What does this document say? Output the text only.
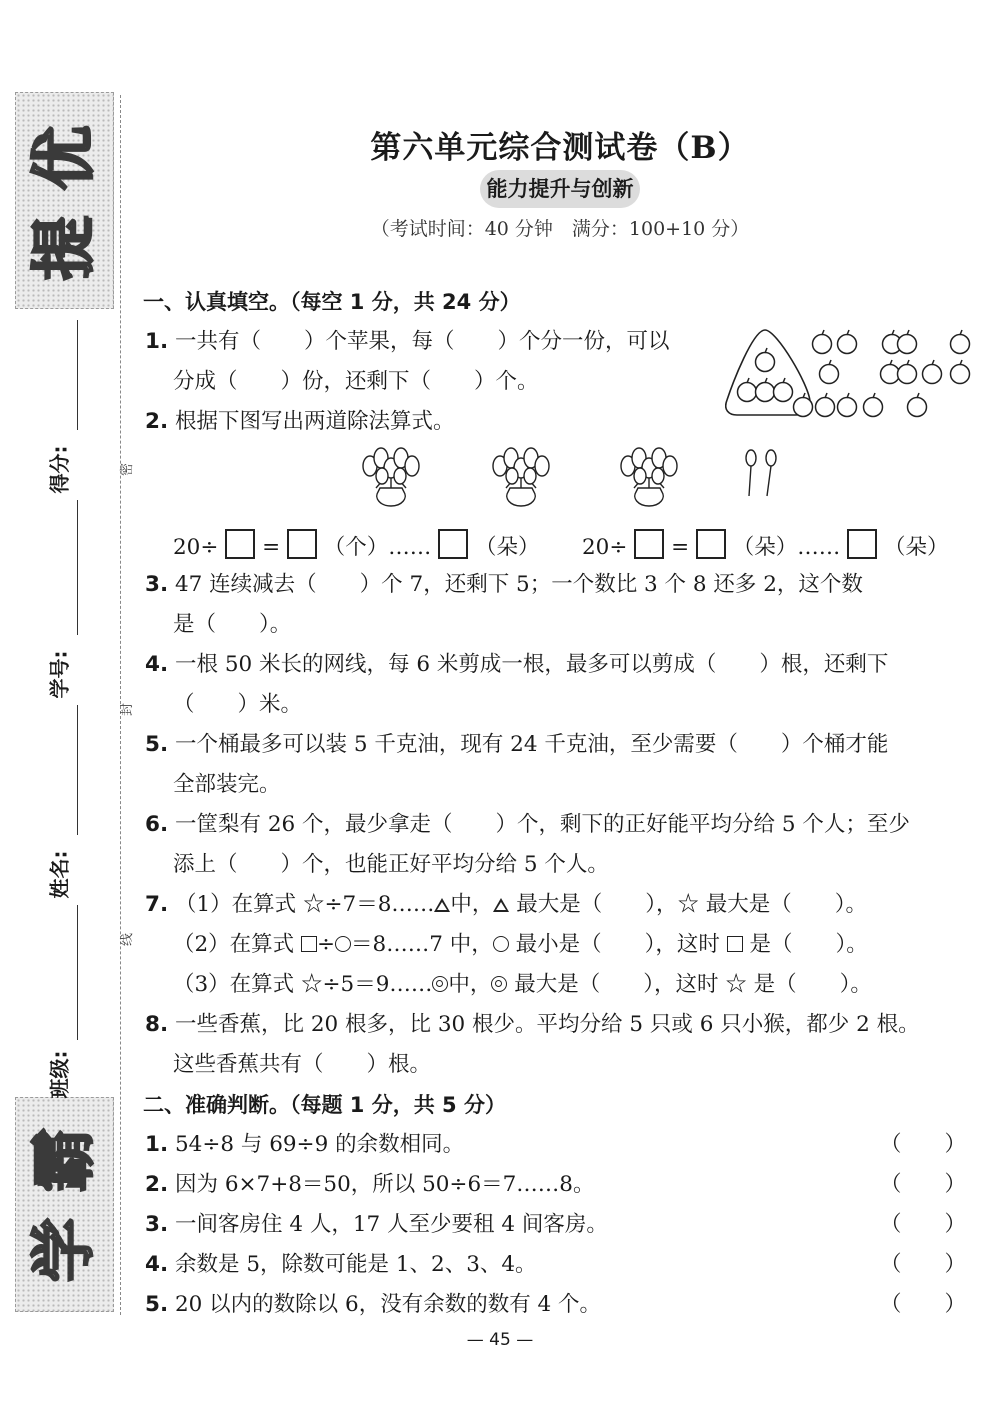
优
提
霸
学
得分:
学号:
姓名:
班级:
密
封
线
第六单元综合测试卷（B）
能力提升与创新
（考试时间：40 分钟　满分：100+10 分）
一、认真填空。（每空 1 分，共 24 分）
1. 一共有（　　）个苹果，每（　　）个分一份，可以
分成（　　）份，还剩下（　　）个。
2. 根据下图写出两道除法算式。
20÷ = （个）…… （朵） 20÷ = （朵）…… （朵）
3. 47 连续减去（　　）个 7，还剩下 5；一个数比 3 个 8 还多 2，这个数
是（　　）。
4. 一根 50 米长的网线，每 6 米剪成一根，最多可以剪成（　　）根，还剩下
（　　）米。
5. 一个桶最多可以装 5 千克油，现有 24 千克油，至少需要（　　）个桶才能
全部装完。
6. 一筐梨有 26 个，最少拿走（　　）个，剩下的正好能平均分给 5 个人；至少
添上（　　）个，也能正好平均分给 5 个人。
7. （1）在算式 ☆÷7＝8…… 中， 最大是（　　），☆ 最大是（　　）。
（2）在算式 ÷ ＝8……7 中， 最小是（　　），这时  是（　　）。
（3）在算式 ☆÷5＝9…… 中， 最大是（　　），这时 ☆ 是（　　）。
8. 一些香蕉，比 20 根多，比 30 根少。平均分给 5 只或 6 只小猴，都少 2 根。
这些香蕉共有（　　）根。
二、准确判断。（每题 1 分，共 5 分）
1. 54÷8 与 69÷9 的余数相同。	（　　）
2. 因为 6×7+8＝50，所以 50÷6＝7……8。	（　　）
3. 一间客房住 4 人，17 人至少要租 4 间客房。	（　　）
4. 余数是 5，除数可能是 1、2、3、4。	（　　）
5. 20 以内的数除以 6，没有余数的数有 4 个。	（　　）
— 45 —
